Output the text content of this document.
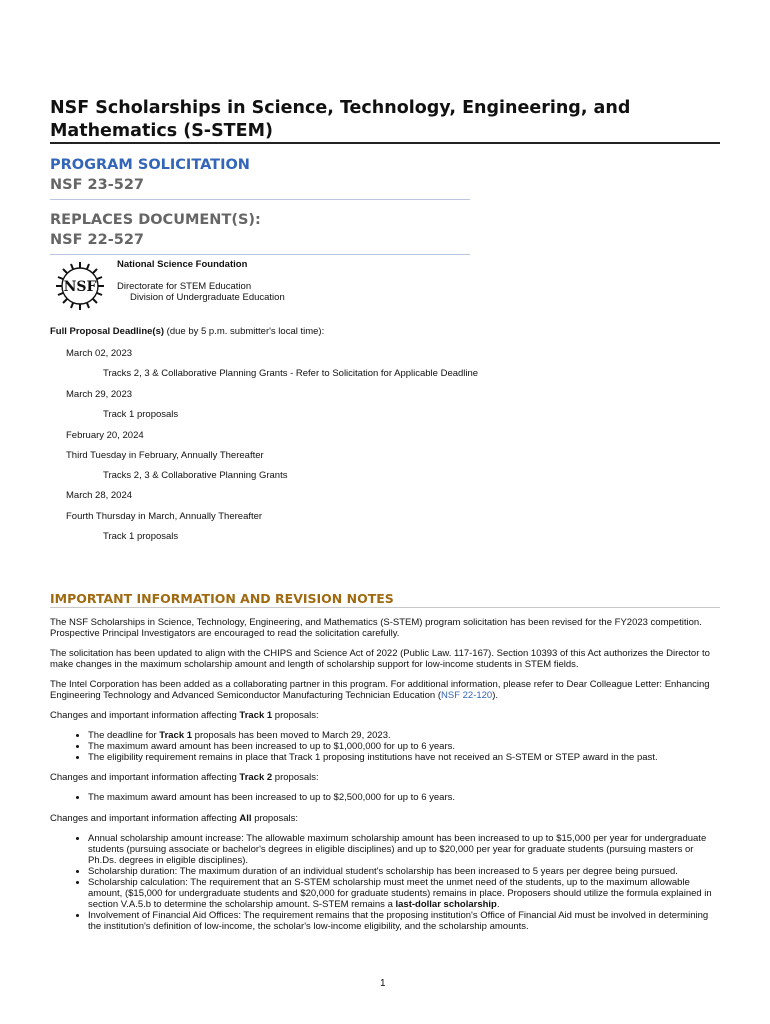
NSF Scholarships in Science, Technology, Engineering, and Mathematics (S-STEM)
PROGRAM SOLICITATION
NSF 23-527
REPLACES DOCUMENT(S):
NSF 22-527
NSF
National Science Foundation
Directorate for STEM Education
Division of Undergraduate Education
Full Proposal Deadline(s) (due by 5 p.m. submitter's local time):
March 02, 2023
Tracks 2, 3 & Collaborative Planning Grants - Refer to Solicitation for Applicable Deadline
March 29, 2023
Track 1 proposals
February 20, 2024
Third Tuesday in February, Annually Thereafter
Tracks 2, 3 & Collaborative Planning Grants
March 28, 2024
Fourth Thursday in March, Annually Thereafter
Track 1 proposals
IMPORTANT INFORMATION AND REVISION NOTES
The NSF Scholarships in Science, Technology, Engineering, and Mathematics (S-STEM) program solicitation has been revised for the FY2023 competition. Prospective Principal Investigators are encouraged to read the solicitation carefully.
The solicitation has been updated to align with the CHIPS and Science Act of 2022 (Public Law. 117-167). Section 10393 of this Act authorizes the Director to make changes in the maximum scholarship amount and length of scholarship support for low-income students in STEM fields.
The Intel Corporation has been added as a collaborating partner in this program. For additional information, please refer to Dear Colleague Letter: Enhancing Engineering Technology and Advanced Semiconductor Manufacturing Technician Education (NSF 22-120).
Changes and important information affecting Track 1 proposals:
• The deadline for Track 1 proposals has been moved to March 29, 2023.
• The maximum award amount has been increased to up to $1,000,000 for up to 6 years.
• The eligibility requirement remains in place that Track 1 proposing institutions have not received an S-STEM or STEP award in the past.
Changes and important information affecting Track 2 proposals:
• The maximum award amount has been increased to up to $2,500,000 for up to 6 years.
Changes and important information affecting All proposals:
• Annual scholarship amount increase: The allowable maximum scholarship amount has been increased to up to $15,000 per year for undergraduate students (pursuing associate or bachelor's degrees in eligible disciplines) and up to $20,000 per year for graduate students (pursuing masters or Ph.Ds. degrees in eligible disciplines).
• Scholarship duration: The maximum duration of an individual student's scholarship has been increased to 5 years per degree being pursued.
• Scholarship calculation: The requirement that an S-STEM scholarship must meet the unmet need of the students, up to the maximum allowable amount, ($15,000 for undergraduate students and $20,000 for graduate students) remains in place. Proposers should utilize the formula explained in section V.A.5.b to determine the scholarship amount. S-STEM remains a last-dollar scholarship.
• Involvement of Financial Aid Offices: The requirement remains that the proposing institution's Office of Financial Aid must be involved in determining the institution's definition of low-income, the scholar's low-income eligibility, and the scholarship amounts.
1
